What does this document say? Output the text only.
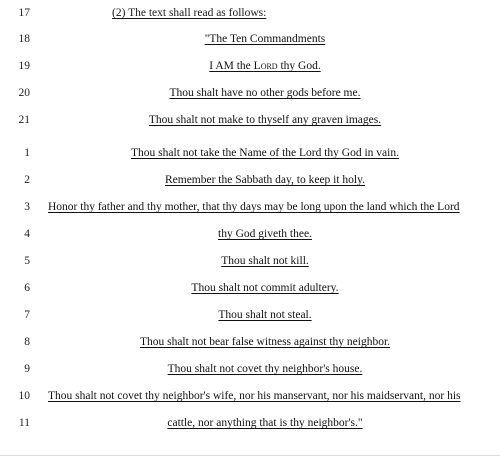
17	(2) The text shall read as follows:
18	"The Ten Commandments
19	I AM the Lord thy God.
20	Thou shalt have no other gods before me.
21	Thou shalt not make to thyself any graven images.
1	Thou shalt not take the Name of the Lord thy God in vain.
2	Remember the Sabbath day, to keep it holy.
3 Honor thy father and thy mother, that thy days may be long upon the land which the Lord
4	thy God giveth thee.
5	Thou shalt not kill.
6	Thou shalt not commit adultery.
7	Thou shalt not steal.
8	Thou shalt not bear false witness against thy neighbor.
9	Thou shalt not covet thy neighbor's house.
10 Thou shalt not covet thy neighbor's wife, nor his manservant, nor his maidservant, nor his
11	cattle, nor anything that is thy neighbor's."
